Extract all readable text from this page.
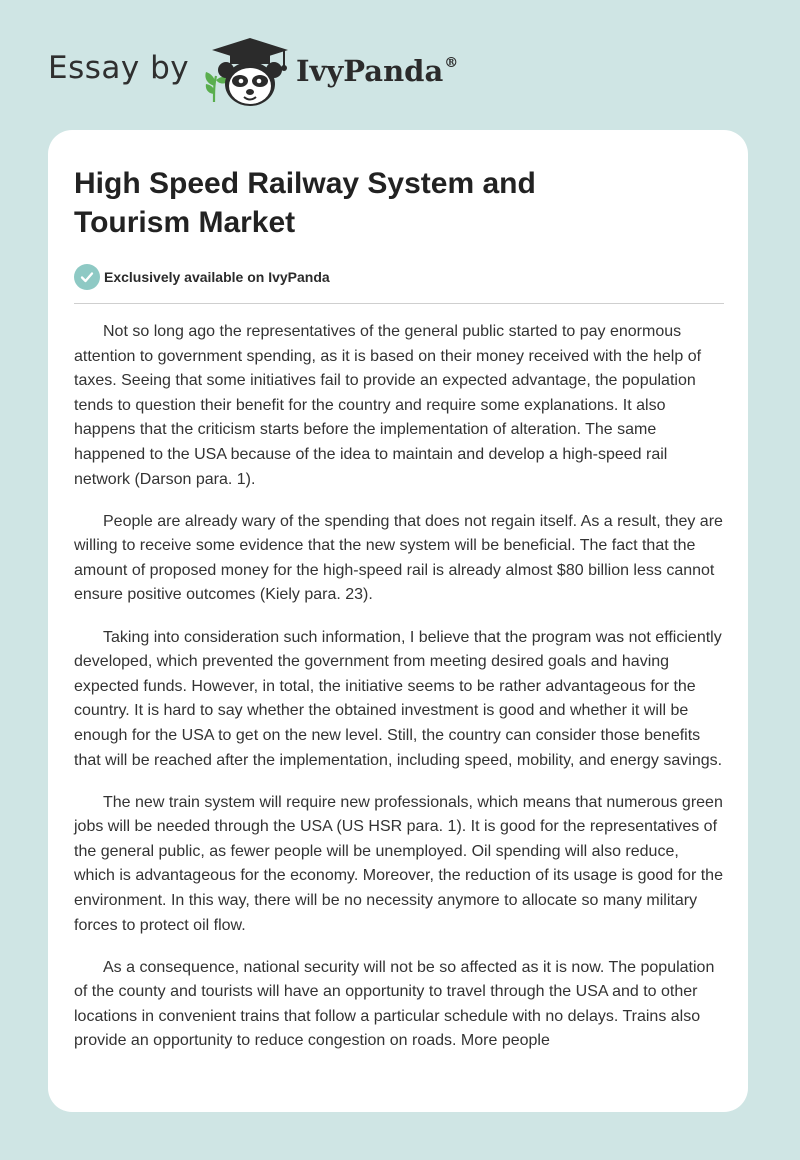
Essay by	IvyPanda®
High Speed Railway System and Tourism Market
Exclusively available on IvyPanda

Not so long ago the representatives of the general public started to pay enormous attention to government spending, as it is based on their money received with the help of taxes. Seeing that some initiatives fail to provide an expected advantage, the population tends to question their benefit for the country and require some explanations. It also happens that the criticism starts before the implementation of alteration. The same happened to the USA because of the idea to maintain and develop a high-speed rail network (Darson para. 1).

People are already wary of the spending that does not regain itself. As a result, they are willing to receive some evidence that the new system will be beneficial. The fact that the amount of proposed money for the high-speed rail is already almost $80 billion less cannot ensure positive outcomes (Kiely para. 23).

Taking into consideration such information, I believe that the program was not efficiently developed, which prevented the government from meeting desired goals and having expected funds. However, in total, the initiative seems to be rather advantageous for the country. It is hard to say whether the obtained investment is good and whether it will be enough for the USA to get on the new level. Still, the country can consider those benefits that will be reached after the implementation, including speed, mobility, and energy savings.

The new train system will require new professionals, which means that numerous green jobs will be needed through the USA (US HSR para. 1). It is good for the representatives of the general public, as fewer people will be unemployed. Oil spending will also reduce, which is advantageous for the economy. Moreover, the reduction of its usage is good for the environment. In this way, there will be no necessity anymore to allocate so many military forces to protect oil flow.

As a consequence, national security will not be so affected as it is now. The population of the county and tourists will have an opportunity to travel through the USA and to other locations in convenient trains that follow a particular schedule with no delays. Trains also provide an opportunity to reduce congestion on roads. More people
